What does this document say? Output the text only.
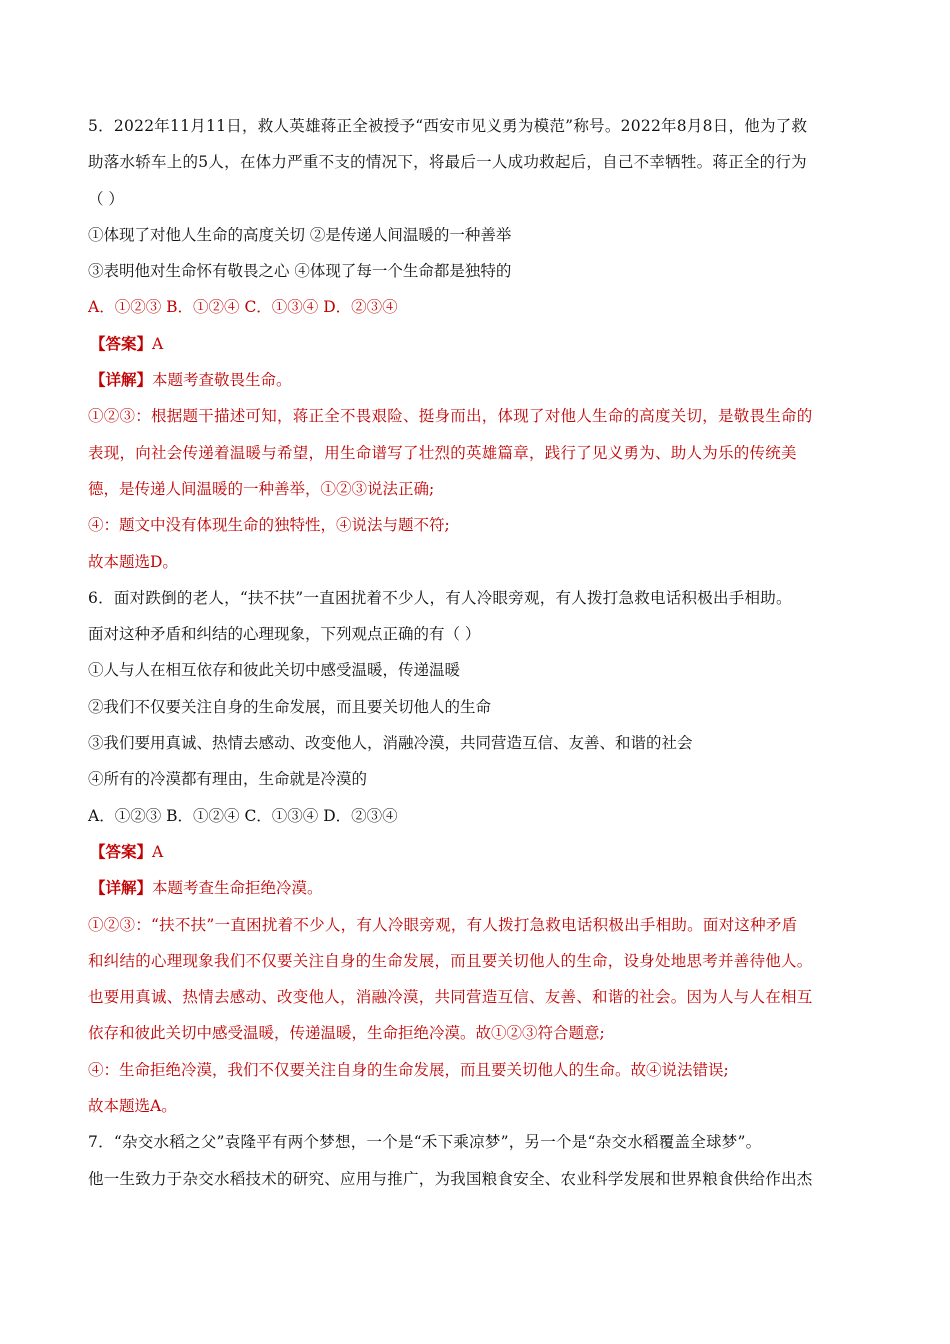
5．2022年11月11日，救人英雄蒋正全被授予“西安市见义勇为模范”称号。2022年8月8日，他为了救
助落水轿车上的5人，在体力严重不支的情况下，将最后一人成功救起后，自己不幸牺牲。蒋正全的行为
（ ）
①体现了对他人生命的高度关切 ②是传递人间温暖的一种善举
③表明他对生命怀有敬畏之心 ④体现了每一个生命都是独特的
A．①②③ B．①②④ C．①③④ D．②③④
【答案】A
【详解】本题考查敬畏生命。
①②③：根据题干描述可知，蒋正全不畏艰险、挺身而出，体现了对他人生命的高度关切，是敬畏生命的
表现，向社会传递着温暖与希望，用生命谱写了壮烈的英雄篇章，践行了见义勇为、助人为乐的传统美
德，是传递人间温暖的一种善举，①②③说法正确;
④：题文中没有体现生命的独特性，④说法与题不符;
故本题选D。
6．面对跌倒的老人，“扶不扶”一直困扰着不少人，有人冷眼旁观，有人拨打急救电话积极出手相助。
面对这种矛盾和纠结的心理现象，下列观点正确的有（ ）
①人与人在相互依存和彼此关切中感受温暖，传递温暖
②我们不仅要关注自身的生命发展，而且要关切他人的生命
③我们要用真诚、热情去感动、改变他人，消融冷漠，共同营造互信、友善、和谐的社会
④所有的冷漠都有理由，生命就是冷漠的
A．①②③ B．①②④ C．①③④ D．②③④
【答案】A
【详解】本题考查生命拒绝冷漠。
①②③：“扶不扶”一直困扰着不少人，有人冷眼旁观，有人拨打急救电话积极出手相助。面对这种矛盾
和纠结的心理现象我们不仅要关注自身的生命发展，而且要关切他人的生命，设身处地思考并善待他人。
也要用真诚、热情去感动、改变他人，消融冷漠，共同营造互信、友善、和谐的社会。因为人与人在相互
依存和彼此关切中感受温暖，传递温暖，生命拒绝冷漠。故①②③符合题意;
④：生命拒绝冷漠，我们不仅要关注自身的生命发展，而且要关切他人的生命。故④说法错误;
故本题选A。
7．“杂交水稻之父”袁隆平有两个梦想，一个是“禾下乘凉梦”，另一个是“杂交水稻覆盖全球梦”。
他一生致力于杂交水稻技术的研究、应用与推广，为我国粮食安全、农业科学发展和世界粮食供给作出杰
